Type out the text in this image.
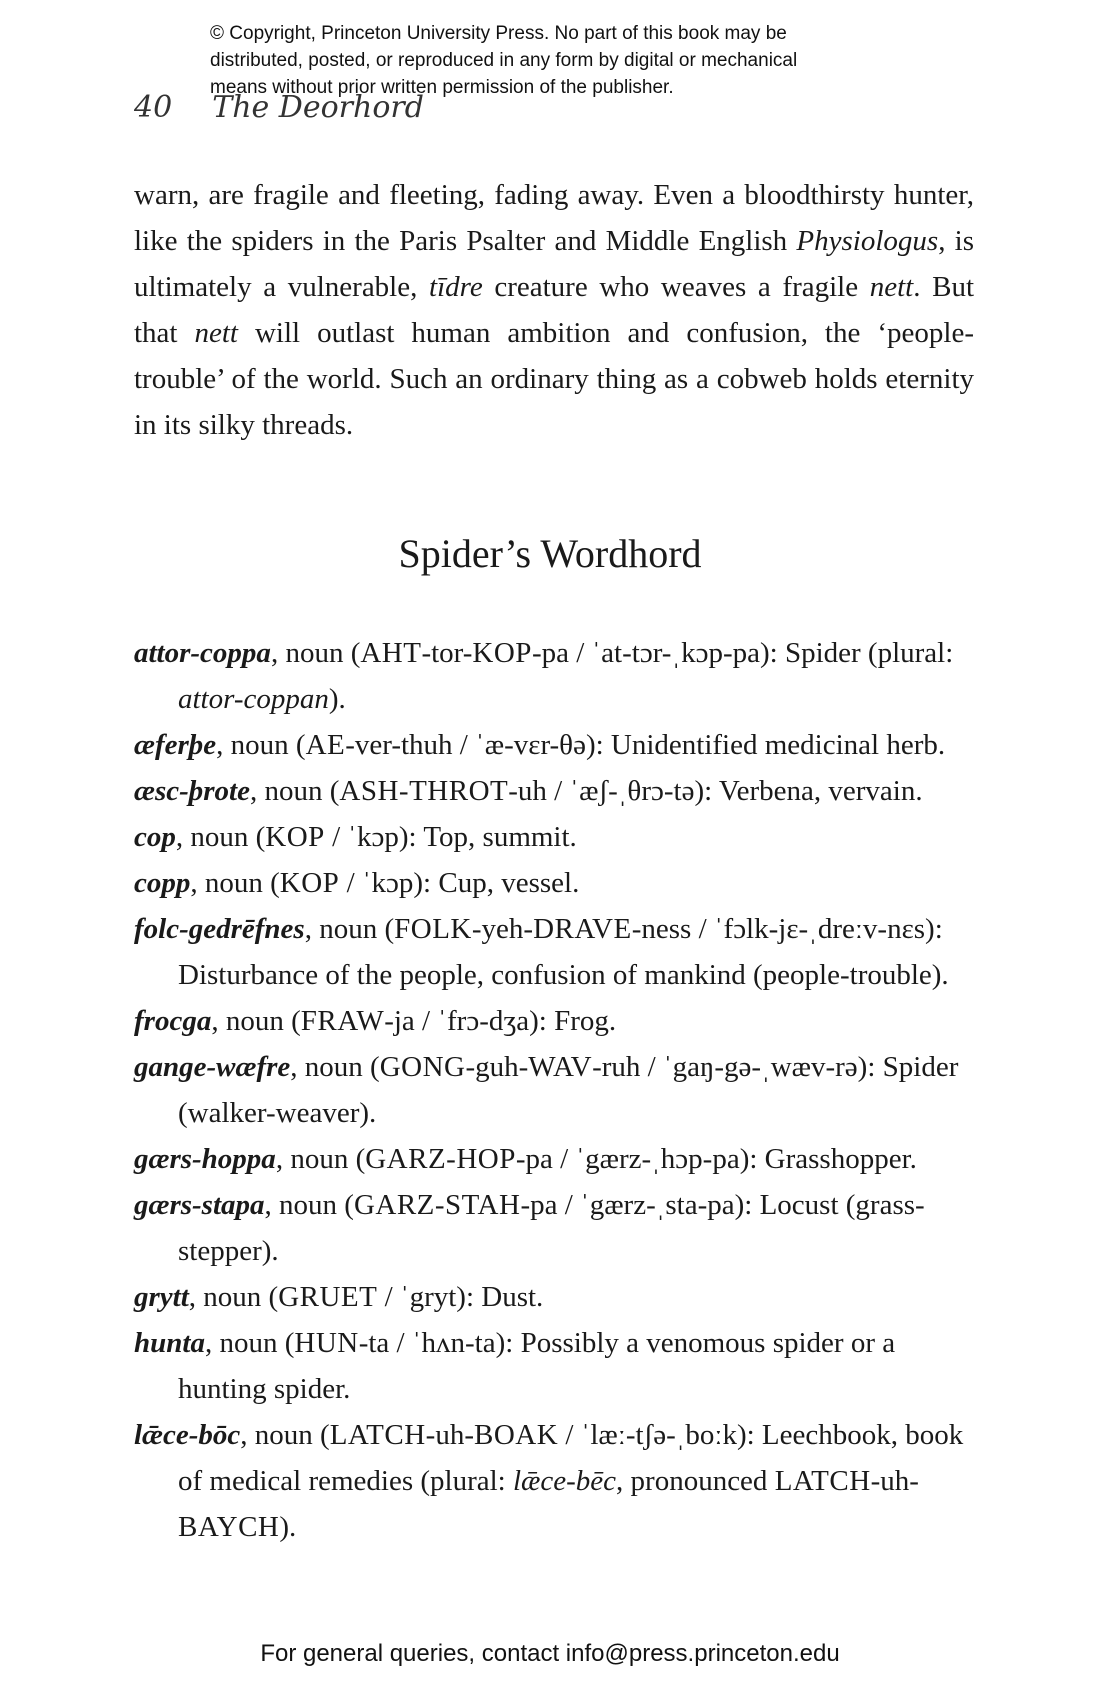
© Copyright, Princeton University Press. No part of this book may be
distributed, posted, or reproduced in any form by digital or mechanical
means without prior written permission of the publisher.
40 The Deorhord

warn, are fragile and fleeting, fading away. Even a bloodthirsty hunter, like the spiders in the Paris Psalter and Middle English Physiologus, is ultimately a vulnerable, tīdre creature who weaves a fragile nett. But that nett will outlast human ambition and confusion, the ‘people-trouble’ of the world. Such an ordinary thing as a cobweb holds eternity in its silky threads.

Spider’s Wordhord

attor-coppa, noun (AHT-tor-KOP-pa / ˈat-tɔr-ˌkɔp-pa): Spider (plural: attor-coppan).

æferþe, noun (AE-ver-thuh / ˈæ-vɛr-θə): Unidentified medicinal herb.

æsc-þrote, noun (ASH-THROT-uh / ˈæʃ-ˌθrɔ-tə): Verbena, vervain.

cop, noun (KOP / ˈkɔp): Top, summit.

copp, noun (KOP / ˈkɔp): Cup, vessel.

folc-gedrēfnes, noun (FOLK-yeh-DRAVE-ness / ˈfɔlk-jɛ-ˌdreːv-nɛs): Disturbance of the people, confusion of mankind (people-trouble).

frocga, noun (FRAW-ja / ˈfrɔ-dʒa): Frog.

gange-wæfre, noun (GONG-guh-WAV-ruh / ˈgaŋ-gə-ˌwæv-rə): Spider (walker-weaver).

gærs-hoppa, noun (GARZ-HOP-pa / ˈgærz-ˌhɔp-pa): Grasshopper.

gærs-stapa, noun (GARZ-STAH-pa / ˈgærz-ˌsta-pa): Locust (grass-stepper).

grytt, noun (GRUET / ˈgryt): Dust.

hunta, noun (HUN-ta / ˈhʌn-ta): Possibly a venomous spider or a hunting spider.

lǣce-bōc, noun (LATCH-uh-BOAK / ˈlæː-tʃə-ˌboːk): Leechbook, book of medical remedies (plural: lǣce-bēc, pronounced LATCH-uh-BAYCH).

For general queries, contact info@press.princeton.edu
